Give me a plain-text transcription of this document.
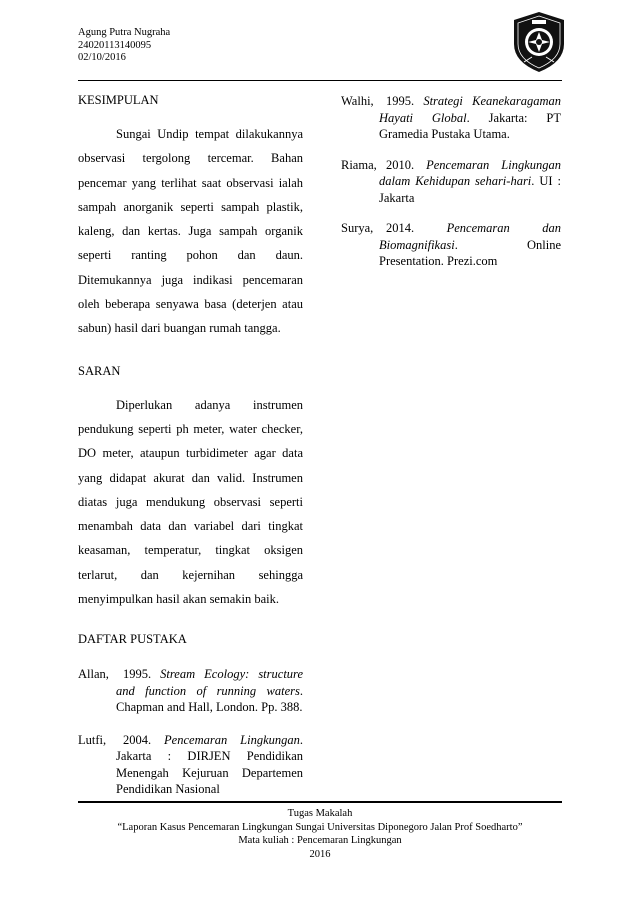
Agung Putra Nugraha
24020113140095
02/10/2016
KESIMPULAN

Sungai Undip tempat dilakukannya observasi tergolong tercemar. Bahan pencemar yang terlihat saat observasi ialah sampah anorganik seperti sampah plastik, kaleng, dan kertas. Juga sampah organik seperti ranting pohon dan daun. Ditemukannya juga indikasi pencemaran oleh beberapa senyawa basa (deterjen atau sabun) hasil dari buangan rumah tangga.

SARAN

Diperlukan adanya instrumen pendukung seperti ph meter, water checker, DO meter, ataupun turbidimeter agar data yang didapat akurat dan valid. Instrumen diatas juga mendukung observasi seperti menambah data dan variabel dari tingkat keasaman, temperatur, tingkat oksigen terlarut, dan kejernihan sehingga menyimpulkan hasil akan semakin baik.

DAFTAR PUSTAKA

Allan, 1995. Stream Ecology: structure and function of running waters. Chapman and Hall, London. Pp. 388.

Lutfi, 2004. Pencemaran Lingkungan. Jakarta : DIRJEN Pendidikan Menengah Kejuruan Departemen Pendidikan Nasional

Walhi, 1995. Strategi Keanekaragaman Hayati Global. Jakarta: PT Gramedia Pustaka Utama.

Riama, 2010. Pencemaran Lingkungan dalam Kehidupan sehari-hari. UI : Jakarta

Surya, 2014.	Pencemaran dan Biomagnifikasi. Online Presentation. Prezi.com

Tugas Makalah
“Laporan Kasus Pencemaran Lingkungan Sungai Universitas Diponegoro Jalan Prof Soedharto”
Mata kuliah : Pencemaran Lingkungan
2016
